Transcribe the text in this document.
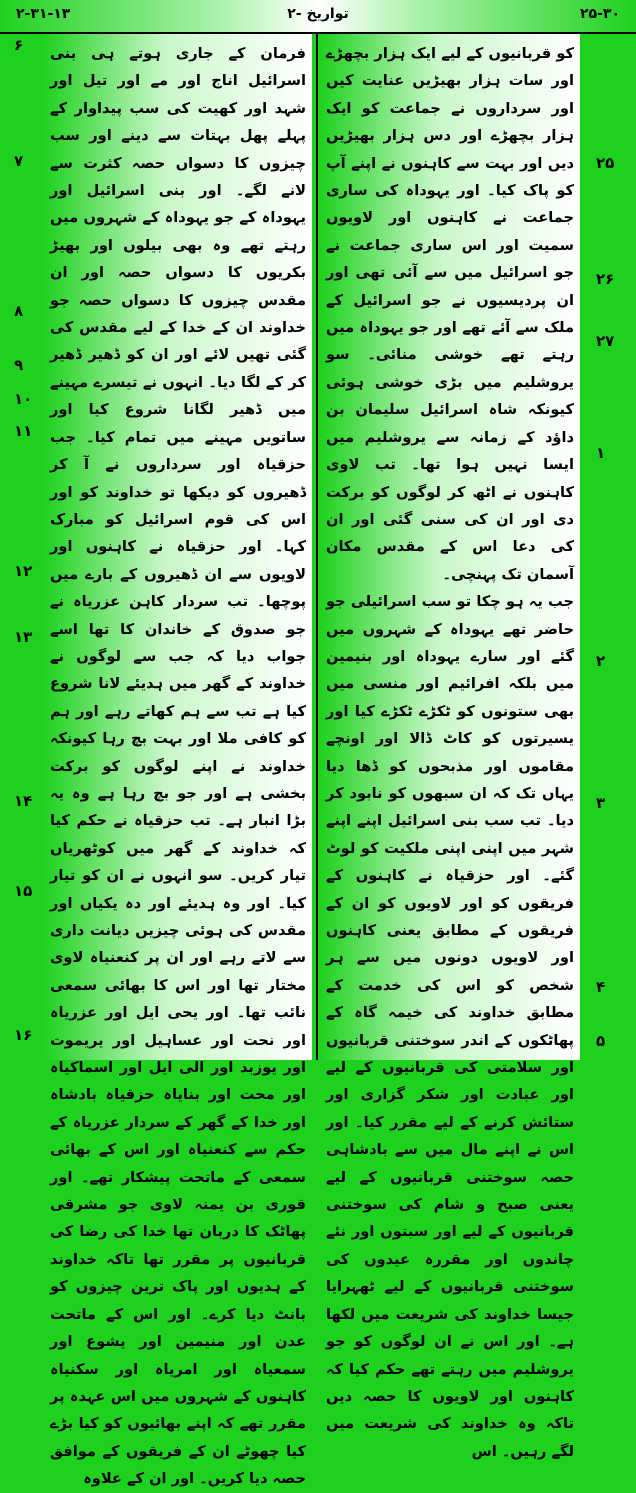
۲-۳۱-۱۳	۲- تواریخ	۲۵-۳۰
۶
۷
۸
۹
۱۰
۱۱
۱۲
۱۳
۱۴
۱۵
۱۶
فرمان کے جاری ہوتے ہی بنی اسرائیل اناج اور مے اور تیل اور شہد اور کھیت کی سب پیداوار کے پہلے پھل بہتات سے دینے اور سب چیزوں کا دسواں حصہ کثرت سے لانے لگے۔ اور بنی اسرائیل اور یہوداہ کے جو یہوداہ کے شہروں میں رہتے تھے وہ بھی بیلوں اور بھیڑ بکریوں کا دسواں حصہ اور ان مقدس چیزوں کا دسواں حصہ جو خداوند ان کے خدا کے لیے مقدس کی گئی تھیں لائے اور ان کو ڈھیر ڈھیر کر کے لگا دیا۔ انہوں نے تیسرے مہینے میں ڈھیر لگانا شروع کیا اور ساتویں مہینے میں تمام کیا۔ جب حزقیاہ اور سرداروں نے آ کر ڈھیروں کو دیکھا تو خداوند کو اور اس کی قوم اسرائیل کو مبارک کہا۔ اور حزقیاہ نے کاہنوں اور لاویوں سے ان ڈھیروں کے بارے میں پوچھا۔ تب سردار کاہن عزریاہ نے جو صدوق کے خاندان کا تھا اسے جواب دیا کہ جب سے لوگوں نے خداوند کے گھر میں ہدیئے لانا شروع کیا ہے تب سے ہم کھاتے رہے اور ہم کو کافی ملا اور بہت بچ رہا کیونکہ خداوند نے اپنے لوگوں کو برکت بخشی ہے اور جو بچ رہا ہے وہ یہ بڑا انبار ہے۔ تب حزقیاہ نے حکم کیا کہ خداوند کے گھر میں کوٹھریاں تیار کریں۔ سو انہوں نے ان کو تیار کیا۔ اور وہ ہدیئے اور دہ یکیاں اور مقدس کی ہوئی چیزیں دیانت داری سے لاتے رہے اور ان پر کنعنیاہ لاوی مختار تھا اور اس کا بھائی سمعی نائب تھا۔ اور یحی ایل اور عزریاہ اور نحت اور عساہیل اور یریموت اور یوزبد اور الی ایل اور اسماکیاہ اور محت اور بنایاہ حزقیاہ بادشاہ اور خدا کے گھر کے سردار عزریاہ کے حکم سے کنعنیاہ اور اس کے بھائی سمعی کے ماتحت پیشکار تھے۔ اور قوری بن یمنہ لاوی جو مشرقی پھاٹک کا دربان تھا خدا کی رضا کی قربانیوں پر مقرر تھا تاکہ خداوند کے ہدیوں اور پاک ترین چیزوں کو بانٹ دیا کرے۔ اور اس کے ماتحت عدن اور منیمین اور یشوع اور سمعیاہ اور امریاہ اور سکنیاہ کاہنوں کے شہروں میں اس عہدہ پر مقرر تھے کہ اپنے بھائیوں کو کیا بڑے کیا چھوٹے ان کے فریقوں کے موافق حصہ دیا کریں۔ اور ان کے علاوہ
کو قربانیوں کے لیے ایک ہزار بچھڑے اور سات ہزار بھیڑیں عنایت کیں اور سرداروں نے جماعت کو ایک ہزار بچھڑے اور دس ہزار بھیڑیں دیں اور بہت سے کاہنوں نے اپنے آپ کو پاک کیا۔ اور یہوداہ کی ساری جماعت نے کاہنوں اور لاویوں سمیت اور اس ساری جماعت نے جو اسرائیل میں سے آئی تھی اور ان پردیسیوں نے جو اسرائیل کے ملک سے آئے تھے اور جو یہوداہ میں رہتے تھے خوشی منائی۔ سو یروشلیم میں بڑی خوشی ہوئی کیونکہ شاہ اسرائیل سلیمان بن داؤد کے زمانہ سے یروشلیم میں ایسا نہیں ہوا تھا۔ تب لاوی کاہنوں نے اٹھ کر لوگوں کو برکت دی اور ان کی سنی گئی اور ان کی دعا اس کے مقدس مکان آسمان تک پہنچی۔
جب یہ ہو چکا تو سب اسرائیلی جو حاضر تھے یہوداہ کے شہروں میں گئے اور سارے یہوداہ اور بنیمین میں بلکہ افرائیم اور منسی میں بھی ستونوں کو ٹکڑے ٹکڑے کیا اور یسیرتوں کو کاٹ ڈالا اور اونچے مقاموں اور مذبحوں کو ڈھا دیا یہاں تک کہ ان سبھوں کو نابود کر دیا۔ تب سب بنی اسرائیل اپنے اپنے شہر میں اپنی اپنی ملکیت کو لوٹ گئے۔ اور حزقیاہ نے کاہنوں کے فریقوں کو اور لاویوں کو ان کے فریقوں کے مطابق یعنی کاہنوں اور لاویوں دونوں میں سے ہر شخص کو اس کی خدمت کے مطابق خداوند کی خیمہ گاہ کے پھاٹکوں کے اندر سوختنی قربانیوں اور سلامتی کی قربانیوں کے لیے اور عبادت اور شکر گزاری اور ستائش کرنے کے لیے مقرر کیا۔ اور اس نے اپنے مال میں سے بادشاہی حصہ سوختنی قربانیوں کے لیے یعنی صبح و شام کی سوختنی قربانیوں کے لیے اور سبتوں اور نئے چاندوں اور مقررہ عیدوں کی سوختنی قربانیوں کے لیے ٹھہرایا جیسا خداوند کی شریعت میں لکھا ہے۔ اور اس نے ان لوگوں کو جو یروشلیم میں رہتے تھے حکم کیا کہ کاہنوں اور لاویوں کا حصہ دیں تاکہ وہ خداوند کی شریعت میں لگے رہیں۔ اس
۲۵
۲۶
۲۷
۱
۲
۳
۴
۵
